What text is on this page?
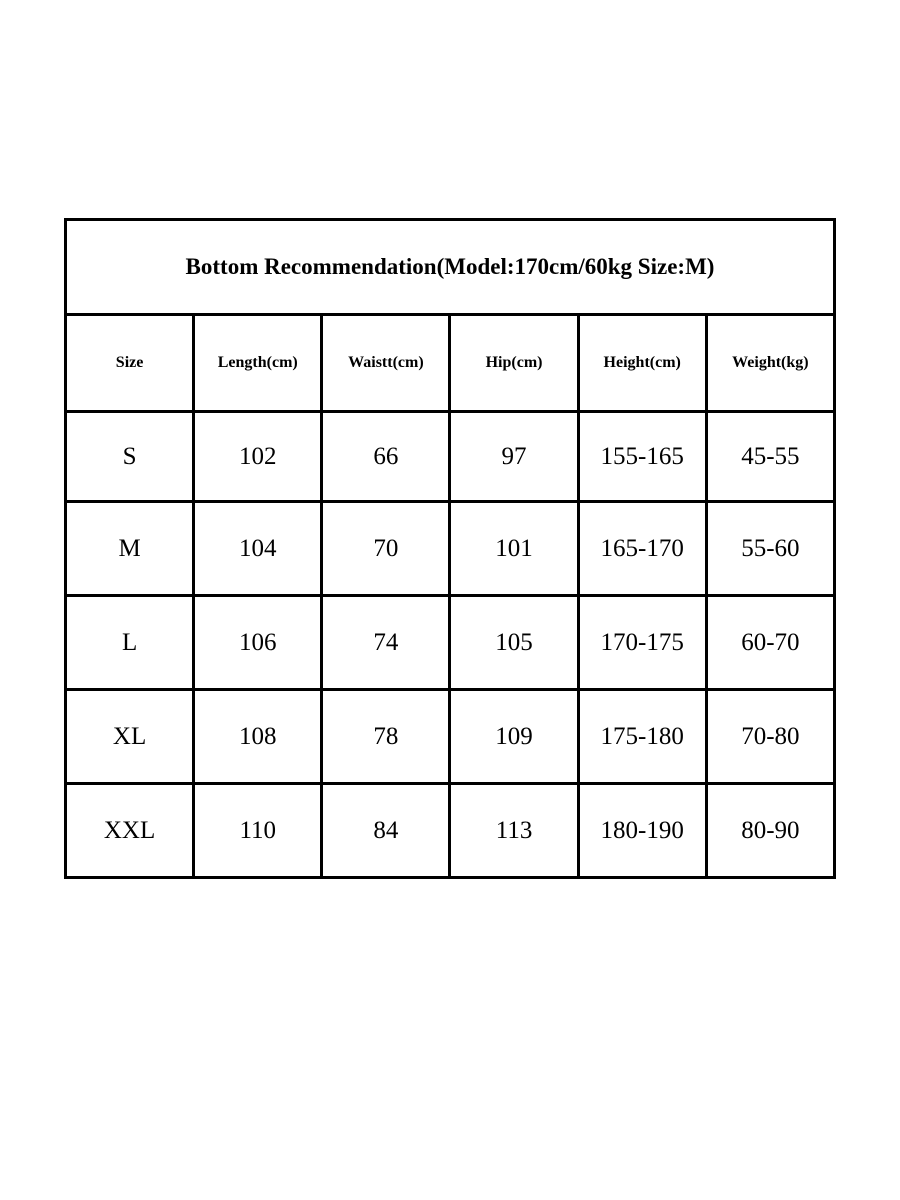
Bottom Recommendation(Model:170cm/60kg Size:M)					
Size	Length(cm)	Waistt(cm)	Hip(cm)	Height(cm)	Weight(kg)
S	102	66	97	155-165	45-55
M	104	70	101	165-170	55-60
L	106	74	105	170-175	60-70
XL	108	78	109	175-180	70-80
XXL	110	84	113	180-190	80-90
